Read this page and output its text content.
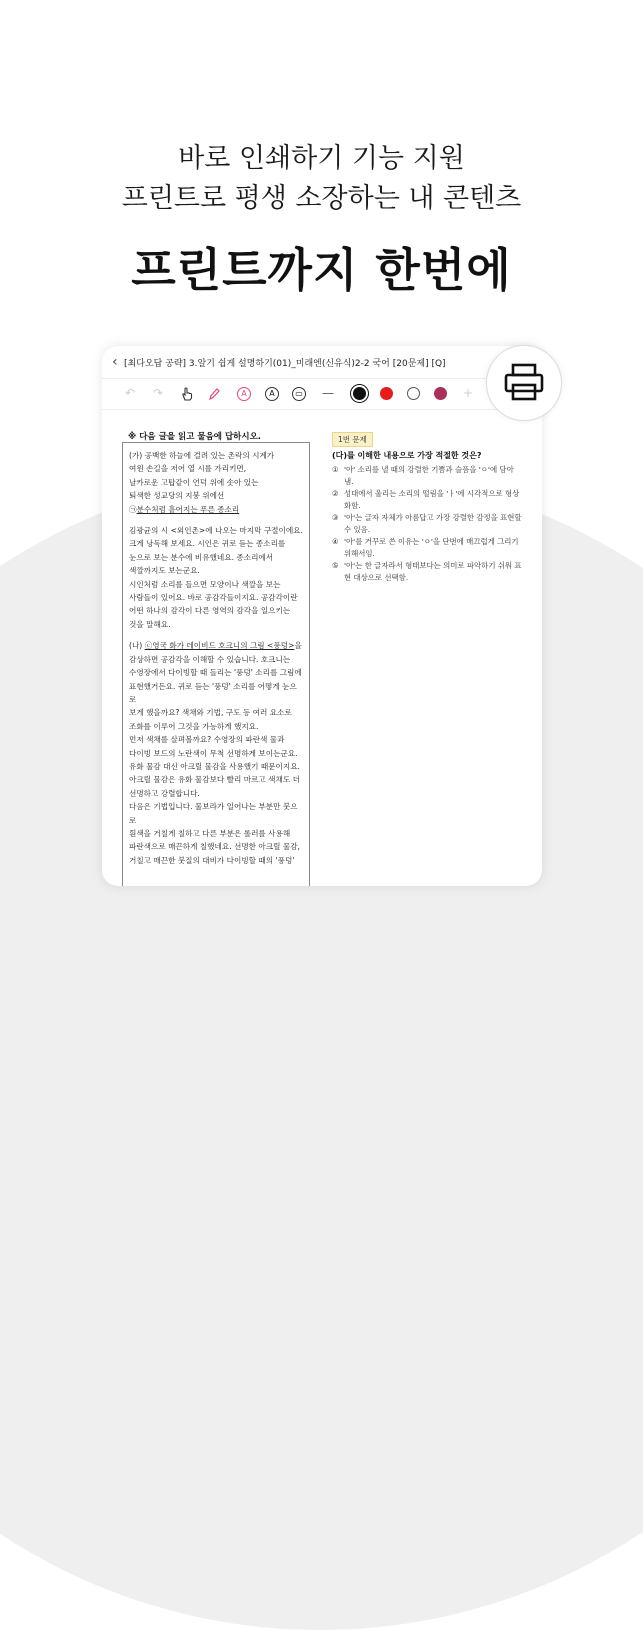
바로 인쇄하기 기능 지원
프린트로 평생 소장하는 내 콘텐츠
프린트까지 한번에
‹ [최다오답 공략] 3.알기 쉽게 설명하기(01)_미래엔(신유식)2-2 국어 [20문제] [Q]
↶ ↷	A	A	▭ —	+
※ 다음 글을 읽고 물음에 답하시오.

(가) 공백한 하늘에 걸려 있는 촌락의 시계가

여윈 손길을 저어 열 시를 가리키면,

날카로운 고탑같이 언덕 위에 솟아 있는

퇴색한 성교당의 지붕 위에선

㉠분수처럼 흩어지는 푸른 종소리

김광균의 시 <외인촌>에 나오는 마지막 구절이에요.

크게 낭독해 보세요. 시인은 귀로 듣는 종소리를

눈으로 보는 분수에 비유했네요. 종소리에서

색깔까지도 보는군요.

시인처럼 소리를 들으면 모양이나 색깔을 보는

사람들이 있어요. 바로 공감각들이지요. 공감각이란

어떤 하나의 감각이 다른 영역의 감각을 일으키는

것을 말해요.

(나) ⓒ영국 화가 데이비드 호크니의 그림 <풍덩>을

감상하면 공감각을 이해할 수 있습니다. 호크니는

수영장에서 다이빙할 때 들리는 '풍덩' 소리를 그림에

표현했거든요. 귀로 듣는 '풍덩' 소리를 어떻게 눈으로

보게 했을까요? 색채와 기법, 구도 등 여러 요소로

조화를 이루어 그것을 가능하게 했지요.

먼저 색채를 살펴볼까요? 수영장의 파란색 물과

다이빙 보드의 노란색이 무척 선명하게 보이는군요.

유화 물감 대신 아크릴 물감을 사용했기 때문이지요.

아크릴 물감은 유화 물감보다 빨리 마르고 색채도 더

선명하고 강렬합니다.

다음은 기법입니다. 물보라가 일어나는 부분만 붓으로

흰색을 거칠게 칠하고 다른 부분은 롤러를 사용해

파란색으로 매끈하게 칠했네요. 선명한 아크릴 물감,

거칠고 매끈한 붓질의 대비가 다이빙할 때의 '풍덩'

1번 문제
(다)를 이해한 내용으로 가장 적절한 것은?
① '아' 소리를 낼 때의 강렬한 기쁨과 슬픔을 'ㅇ'에 담아냄.
② 성대에서 울리는 소리의 떨림을 'ㅏ'에 시각적으로 형상화함.
③ '아'는 글자 자체가 아름답고 가장 강렬한 감정을 표현할 수 있음.
④ '아'를 거꾸로 쓴 이유는 'ㅇ'을 단번에 매끄럽게 그리기 위해서임.
⑤ '아'는 한 글자라서 형태보다는 의미로 파악하기 쉬워 표현 대상으로 선택함.
